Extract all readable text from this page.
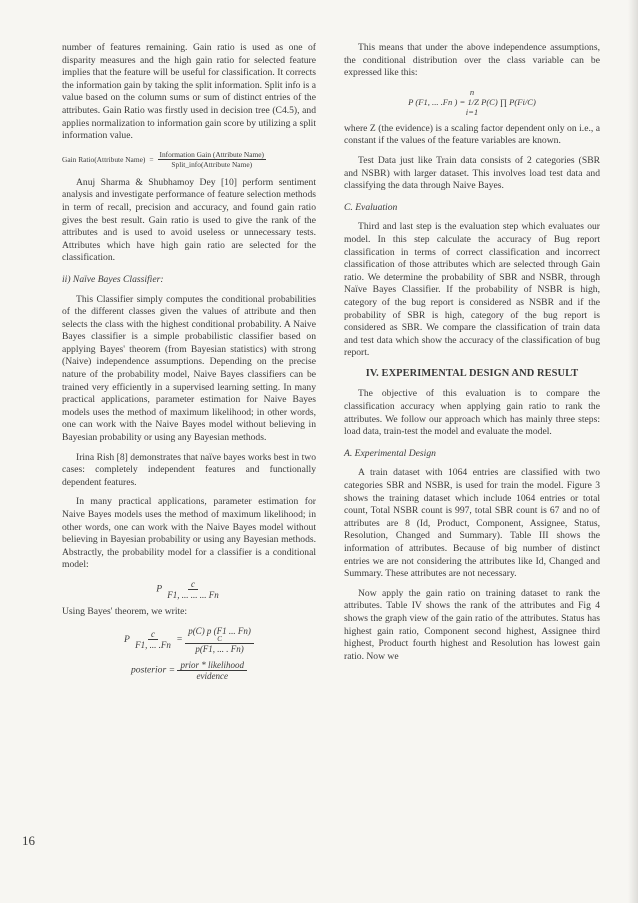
number of features remaining. Gain ratio is used as one of disparity measures and the high gain ratio for selected feature implies that the feature will be useful for classification. It corrects the information gain by taking the split information. Split info is a value based on the column sums or sum of distinct entries of the attributes. Gain Ratio was firstly used in decision tree (C4.5), and applies normalization to information gain score by utilizing a split information value.

Gain Ratio(Attribute Name) = $\frac{\text{Information Gain (Attribute Name)}}{\text{Split\_info(Attribute Name)}}$

Anuj Sharma & Shubhamoy Dey [10] perform sentiment analysis and investigate performance of feature selection methods in term of recall, precision and accuracy, and found gain ratio gives the best result. Gain ratio is used to give the rank of the attributes and is used to avoid useless or unnecessary tests. Attributes which have high gain ratio are selected for the classification.

ii) Naïve Bayes Classifier:

This Classifier simply computes the conditional probabilities of the different classes given the values of attribute and then selects the class with the highest conditional probability. A Naive Bayes classifier is a simple probabilistic classifier based on applying Bayes' theorem (from Bayesian statistics) with strong (Naive) independence assumptions. Depending on the precise nature of the probability model, Naive Bayes classifiers can be trained very efficiently in a supervised learning setting. In many practical applications, parameter estimation for Naive Bayes models uses the method of maximum likelihood; in other words, one can work with the Naive Bayes model without believing in Bayesian probability or using any Bayesian methods.

Irina Rish [8] demonstrates that naïve bayes works best in two cases: completely independent features and functionally dependent features.

In many practical applications, parameter estimation for Naive Bayes models uses the method of maximum likelihood; in other words, one can work with the Naive Bayes model without believing in Bayesian probability or using any Bayesian methods. Abstractly, the probability model for a classifier is a conditional model:

P $\frac{c}{F1, ... ... ... Fn}$

Using Bayes' theorem, we write:

P $\frac{c}{F1, ... .Fn} = p(C)$ p (F1 ... Fn)
C
p(F1, ... . Fn)
posterior = $\frac{\text{prior * likelihood}}{\text{evidence}}$

This means that under the above independence assumptions, the conditional distribution over the class variable can be expressed like this:

n
P (F1, ... .Fn ) = 1/Z P(C) ∏ P(Fi/C)
i=1

where Z (the evidence) is a scaling factor dependent only on i.e., a constant if the values of the feature variables are known.

Test Data just like Train data consists of 2 categories (SBR and NSBR) with larger dataset. This involves load test data and classifying the data through Naive Bayes.

C. Evaluation

Third and last step is the evaluation step which evaluates our model. In this step calculate the accuracy of Bug report classification in terms of correct classification and incorrect classification of those attributes which are selected through Gain ratio. We determine the probability of SBR and NSBR, through Naïve Bayes Classifier. If the probability of NSBR is high, category of the bug report is considered as NSBR and if the probability of SBR is high, category of the bug report is considered as SBR. We compare the classification of train data and test data which show the accuracy of the classification of bug report.

IV. EXPERIMENTAL DESIGN AND RESULT

The objective of this evaluation is to compare the classification accuracy when applying gain ratio to rank the attributes. We follow our approach which has mainly three steps: load data, train-test the model and evaluate the model.

A. Experimental Design

A train dataset with 1064 entries are classified with two categories SBR and NSBR, is used for train the model. Figure 3 shows the training dataset which include 1064 entries or total count, Total NSBR count is 997, total SBR count is 67 and no of attributes are 8 (Id, Product, Component, Assignee, Status, Resolution, Changed and Summary). Table III shows the information of attributes. Because of big number of distinct entries we are not considering the attributes like Id, Changed and Summary. These attributes are not necessary.

Now apply the gain ratio on training dataset to rank the attributes. Table IV shows the rank of the attributes and Fig 4 shows the graph view of the gain ratio of the attributes. Status has highest gain ratio, Component second highest, Assignee third highest, Product fourth highest and Resolution has lowest gain ratio. Now we

16
